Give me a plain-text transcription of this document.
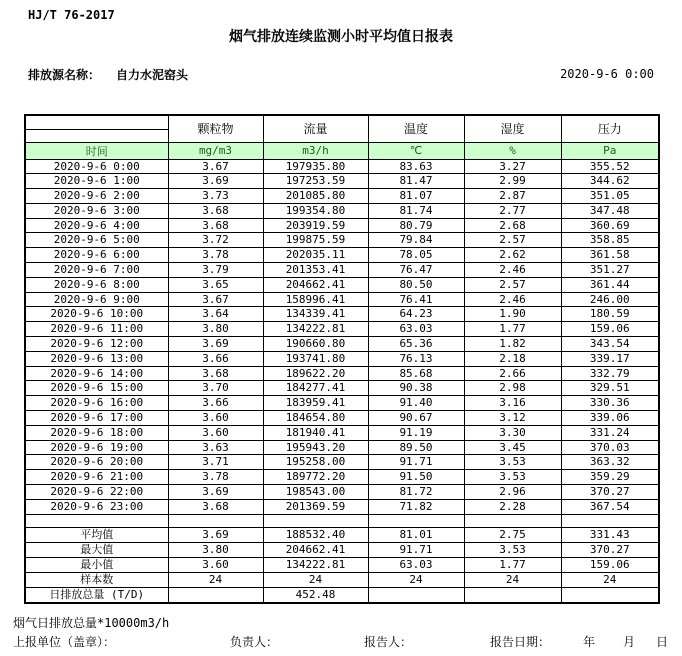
HJ/T 76-2017
烟气排放连续监测小时平均值日报表
排放源名称： 自力水泥窑头	2020-9-6 0:00
	颗粒物	流量	温度	湿度	压力

时间	mg/m3	m3/h	℃	%	Pa
2020-9-6 0:00	3.67	197935.80	83.63	3.27	355.52
2020-9-6 1:00	3.69	197253.59	81.47	2.99	344.62
2020-9-6 2:00	3.73	201085.80	81.07	2.87	351.05
2020-9-6 3:00	3.68	199354.80	81.74	2.77	347.48
2020-9-6 4:00	3.68	203919.59	80.79	2.68	360.69
2020-9-6 5:00	3.72	199875.59	79.84	2.57	358.85
2020-9-6 6:00	3.78	202035.11	78.05	2.62	361.58
2020-9-6 7:00	3.79	201353.41	76.47	2.46	351.27
2020-9-6 8:00	3.65	204662.41	80.50	2.57	361.44
2020-9-6 9:00	3.67	158996.41	76.41	2.46	246.00
2020-9-6 10:00	3.64	134339.41	64.23	1.90	180.59
2020-9-6 11:00	3.80	134222.81	63.03	1.77	159.06
2020-9-6 12:00	3.69	190660.80	65.36	1.82	343.54
2020-9-6 13:00	3.66	193741.80	76.13	2.18	339.17
2020-9-6 14:00	3.68	189622.20	85.68	2.66	332.79
2020-9-6 15:00	3.70	184277.41	90.38	2.98	329.51
2020-9-6 16:00	3.66	183959.41	91.40	3.16	330.36
2020-9-6 17:00	3.60	184654.80	90.67	3.12	339.06
2020-9-6 18:00	3.60	181940.41	91.19	3.30	331.24
2020-9-6 19:00	3.63	195943.20	89.50	3.45	370.03
2020-9-6 20:00	3.71	195258.00	91.71	3.53	363.32
2020-9-6 21:00	3.78	189772.20	91.50	3.53	359.29
2020-9-6 22:00	3.69	198543.00	81.72	2.96	370.27
2020-9-6 23:00	3.68	201369.59	71.82	2.28	367.54

平均值	3.69	188532.40	81.01	2.75	331.43
最大值	3.80	204662.41	91.71	3.53	370.27
最小值	3.60	134222.81	63.03	1.77	159.06
样本数	24	24	24	24	24
日排放总量 (T/D)		452.48			
烟气日排放总量*10000m3/h
上报单位（盖章）：	负责人：	报告人：	报告日期：	年 月 日
